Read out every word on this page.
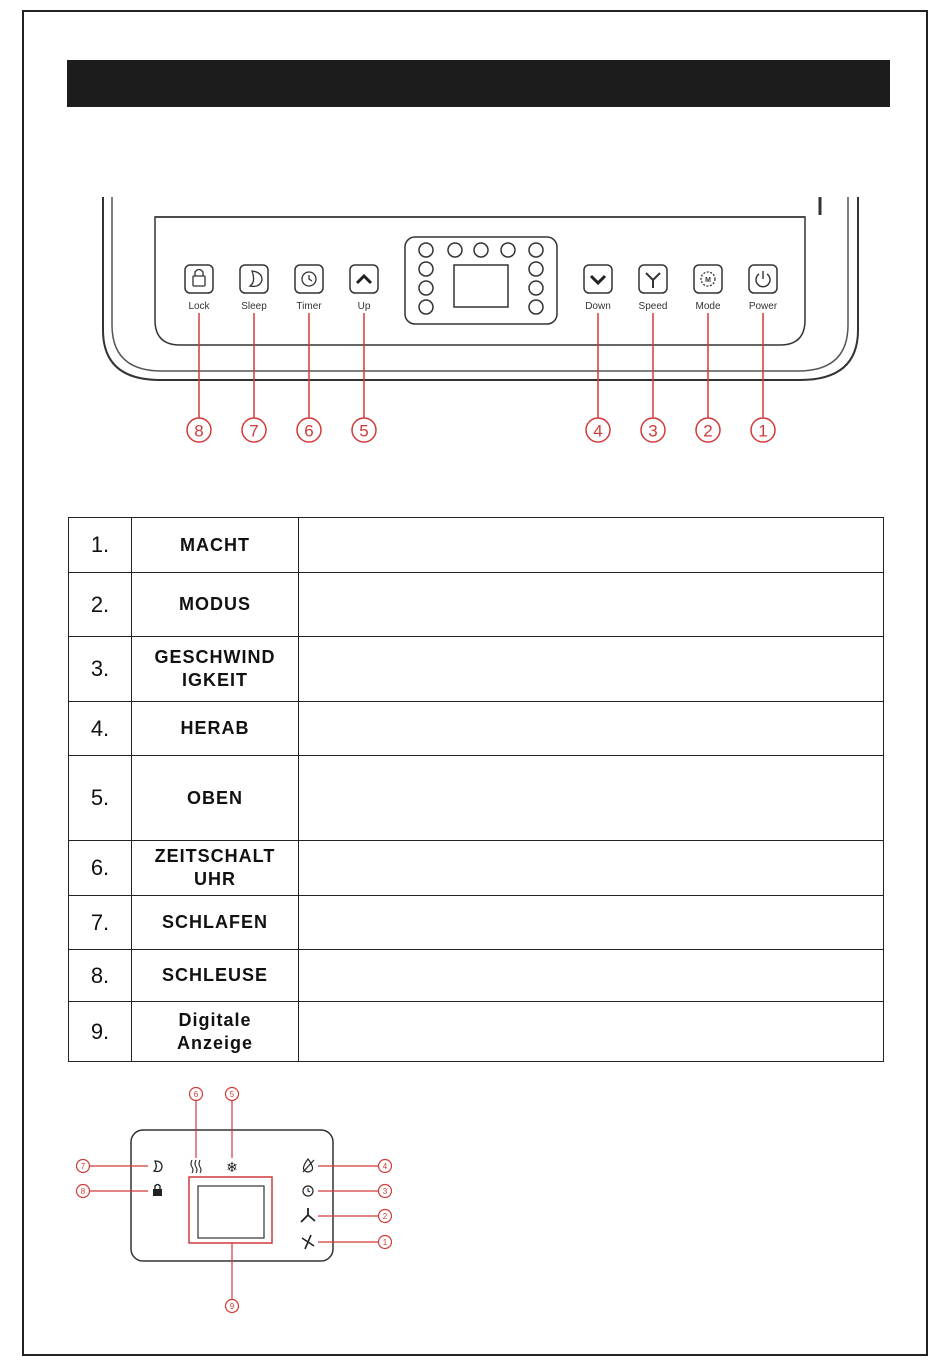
Lock	Sleep	Timer	Up	Down	Speed
M
Mode	Power
8	7	6	5	4	3	2	1
1.	MACHT	
2.	MODUS	
3.	GESCHWIND
IGKEIT	

4.	HERAB	
5.	OBEN	
6.	ZEITSCHALT
UHR	

7.	SCHLAFEN	
8.	SCHLEUSE	
9.	Digitale
Anzeige	

❄
7
8
6	5
4
3
2
1
9
